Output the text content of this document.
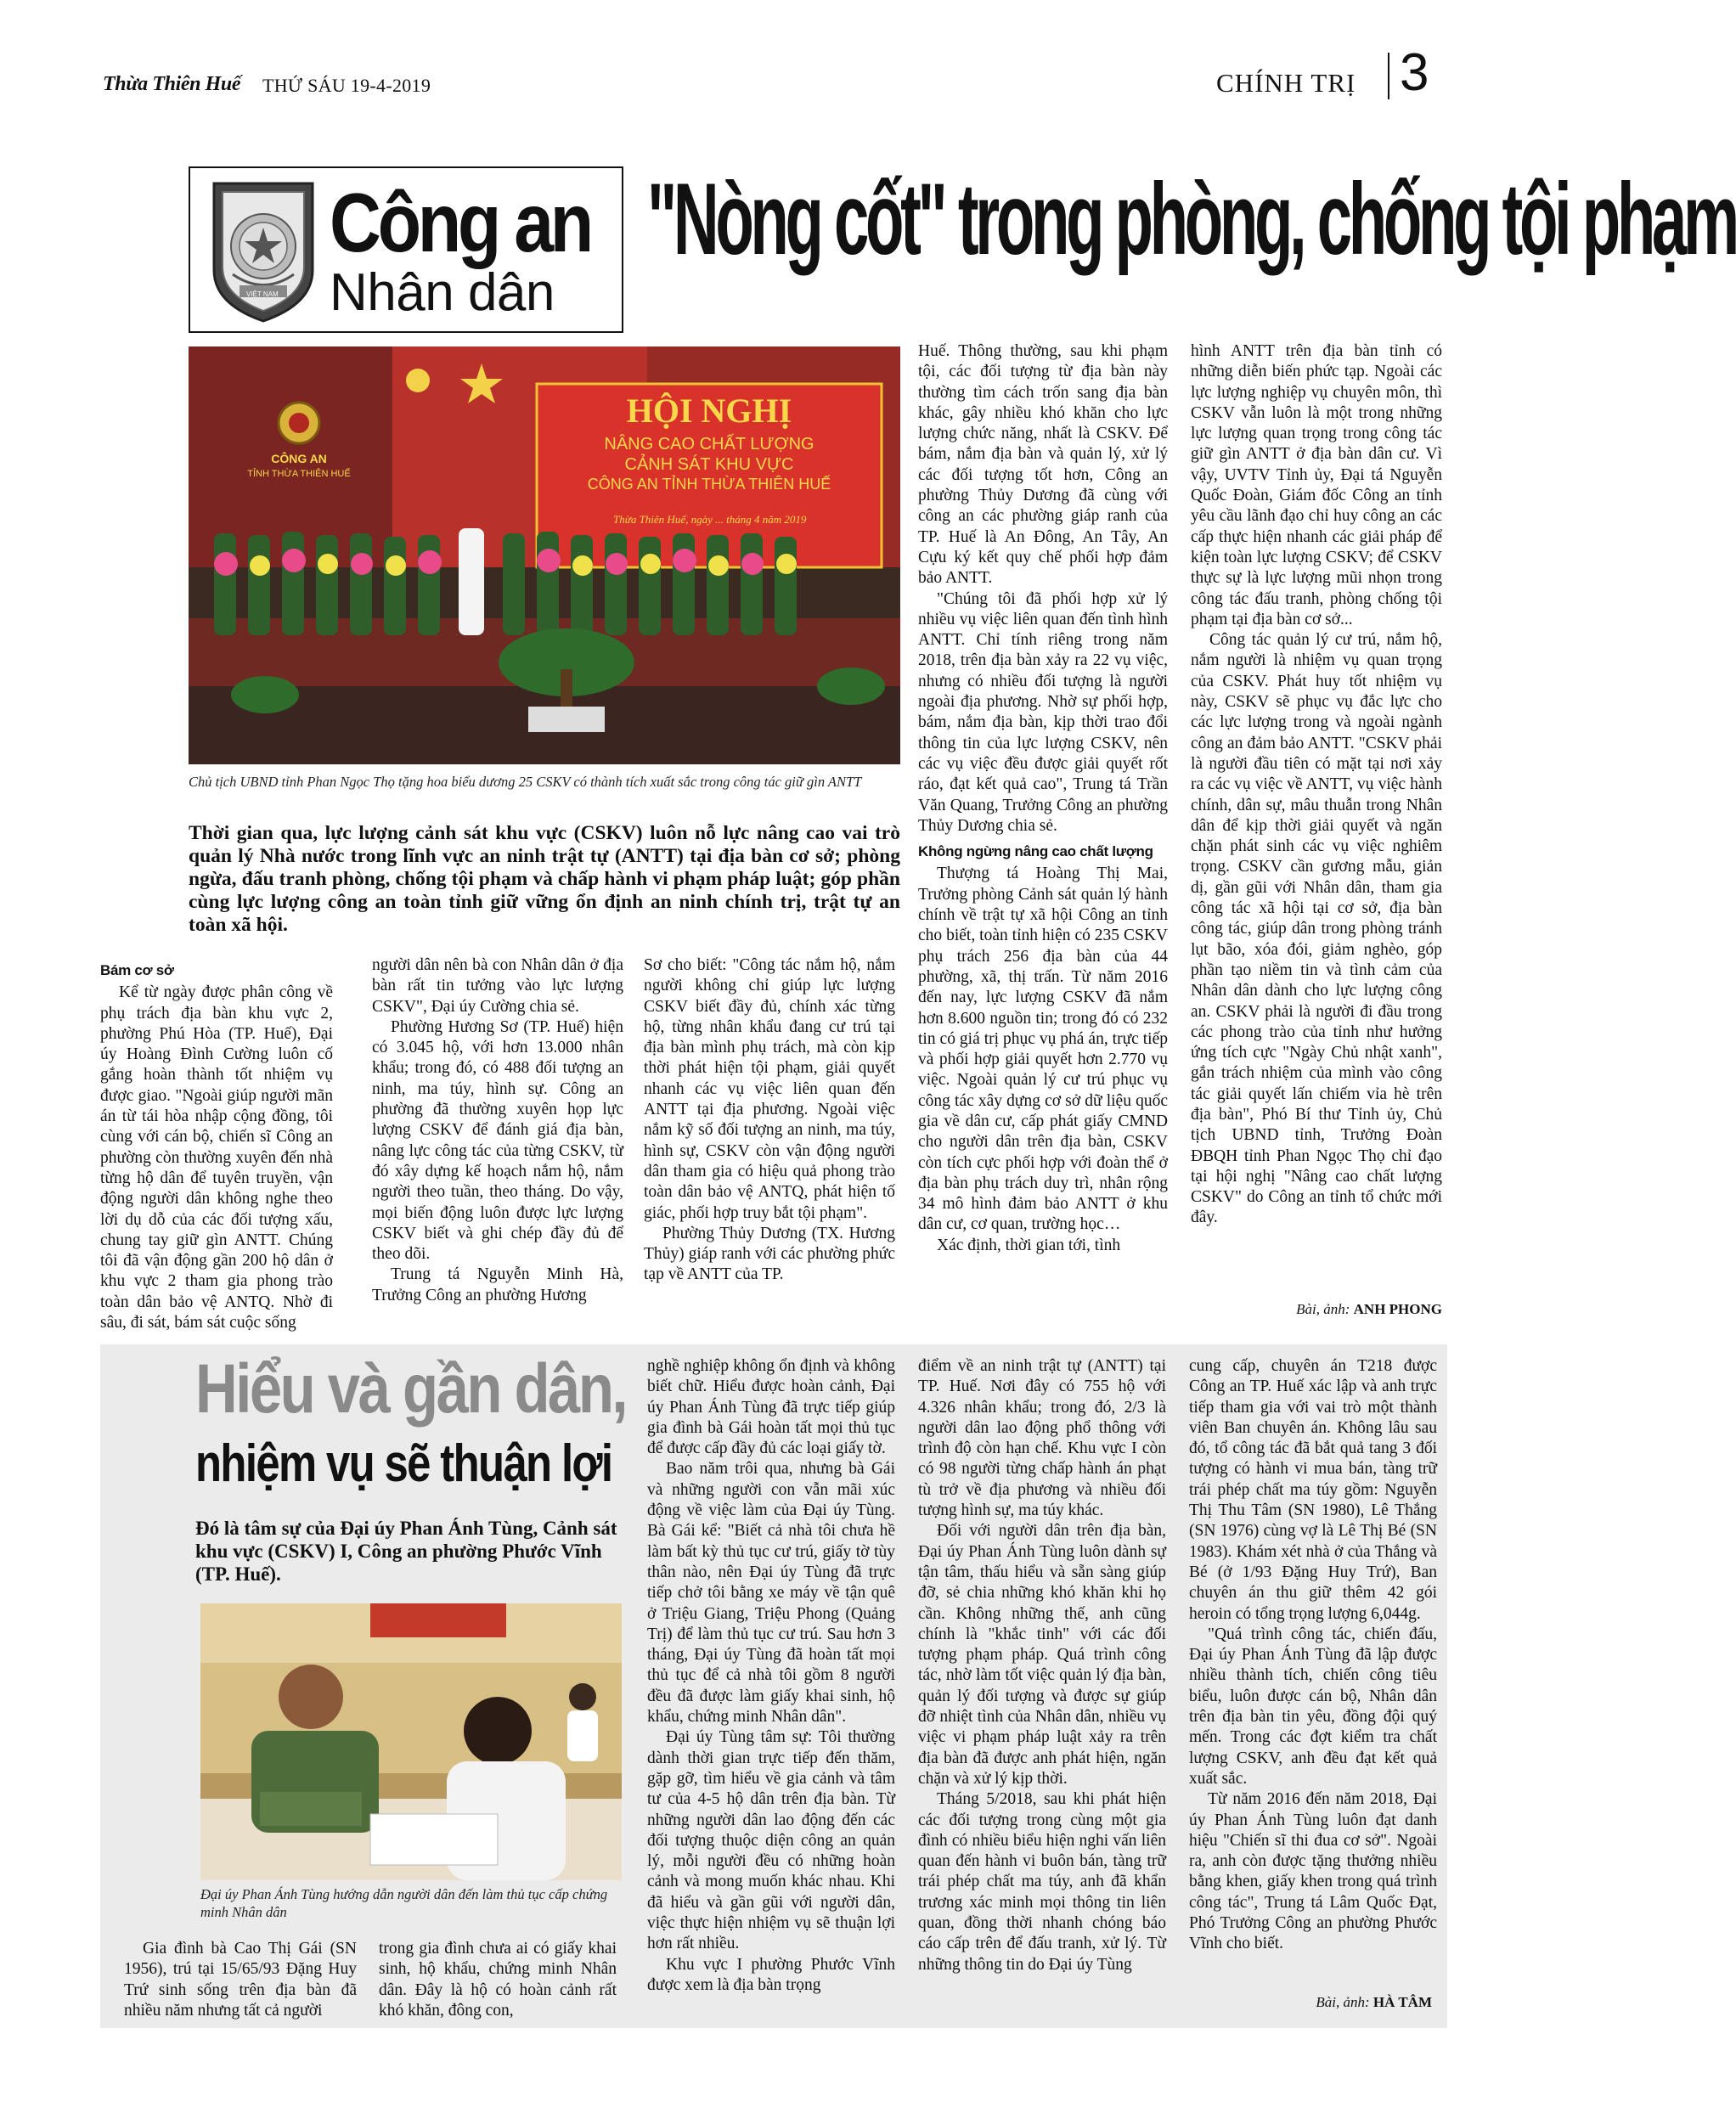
Thừa Thiên Huế THỨ SÁU 19-4-2019	CHÍNH TRỊ 3
VIỆT NAM
Công an
Nhân dân
"Nòng cốt" trong phòng, chống tội phạm
HỘI NGHỊ
NÂNG CAO CHẤT LƯỢNG
CẢNH SÁT KHU VỰC
CÔNG AN TỈNH THỪA THIÊN HUẾ
Thừa Thiên Huế, ngày ... tháng 4 năm 2019
CÔNG AN
TỈNH THỪA THIÊN HUẾ
Chủ tịch UBND tỉnh Phan Ngọc Thọ tặng hoa biểu dương 25 CSKV có thành tích xuất sắc trong công tác giữ gìn ANTT
Thời gian qua, lực lượng cảnh sát khu vực (CSKV) luôn nỗ lực nâng cao vai trò quản lý Nhà nước trong lĩnh vực an ninh trật tự (ANTT) tại địa bàn cơ sở; phòng ngừa, đấu tranh phòng, chống tội phạm và chấp hành vi phạm pháp luật; góp phần cùng lực lượng công an toàn tỉnh giữ vững ổn định an ninh chính trị, trật tự an toàn xã hội.
Bám cơ sở

Kể từ ngày được phân công về phụ trách địa bàn khu vực 2, phường Phú Hòa (TP. Huế), Đại úy Hoàng Đình Cường luôn cố gắng hoàn thành tốt nhiệm vụ được giao. "Ngoài giúp người mãn án từ tái hòa nhập cộng đồng, tôi cùng với cán bộ, chiến sĩ Công an phường còn thường xuyên đến nhà từng hộ dân để tuyên truyền, vận động người dân không nghe theo lời dụ dỗ của các đối tượng xấu, chung tay giữ gìn ANTT. Chúng tôi đã vận động gần 200 hộ dân ở khu vực 2 tham gia phong trào toàn dân bảo vệ ANTQ. Nhờ đi sâu, đi sát, bám sát cuộc sống

người dân nên bà con Nhân dân ở địa bàn rất tin tưởng vào lực lượng CSKV", Đại úy Cường chia sẻ.

Phường Hương Sơ (TP. Huế) hiện có 3.045 hộ, với hơn 13.000 nhân khẩu; trong đó, có 488 đối tượng an ninh, ma túy, hình sự. Công an phường đã thường xuyên họp lực lượng CSKV để đánh giá địa bàn, nâng lực công tác của từng CSKV, từ đó xây dựng kế hoạch nắm hộ, nắm người theo tuần, theo tháng. Do vậy, mọi biến động luôn được lực lượng CSKV biết và ghi chép đầy đủ để theo dõi.

Trung tá Nguyễn Minh Hà, Trưởng Công an phường Hương

Sơ cho biết: "Công tác nắm hộ, nắm người không chỉ giúp lực lượng CSKV biết đầy đủ, chính xác từng hộ, từng nhân khẩu đang cư trú tại địa bàn mình phụ trách, mà còn kịp thời phát hiện tội phạm, giải quyết nhanh các vụ việc liên quan đến ANTT tại địa phương. Ngoài việc nắm kỹ số đối tượng an ninh, ma túy, hình sự, CSKV còn vận động người dân tham gia có hiệu quả phong trào toàn dân bảo vệ ANTQ, phát hiện tố giác, phối hợp truy bắt tội phạm".

Phường Thủy Dương (TX. Hương Thủy) giáp ranh với các phường phức tạp về ANTT của TP.

Huế. Thông thường, sau khi phạm tội, các đối tượng từ địa bàn này thường tìm cách trốn sang địa bàn khác, gây nhiều khó khăn cho lực lượng chức năng, nhất là CSKV. Để bám, nắm địa bàn và quản lý, xử lý các đối tượng tốt hơn, Công an phường Thủy Dương đã cùng với công an các phường giáp ranh của TP. Huế là An Đông, An Tây, An Cựu ký kết quy chế phối hợp đảm bảo ANTT.

"Chúng tôi đã phối hợp xử lý nhiều vụ việc liên quan đến tình hình ANTT. Chỉ tính riêng trong năm 2018, trên địa bàn xảy ra 22 vụ việc, nhưng có nhiều đối tượng là người ngoài địa phương. Nhờ sự phối hợp, bám, nắm địa bàn, kịp thời trao đổi thông tin của lực lượng CSKV, nên các vụ việc đều được giải quyết rốt ráo, đạt kết quả cao", Trung tá Trần Văn Quang, Trưởng Công an phường Thủy Dương chia sẻ.

Không ngừng nâng cao chất lượng

Thượng tá Hoàng Thị Mai, Trưởng phòng Cảnh sát quản lý hành chính về trật tự xã hội Công an tỉnh cho biết, toàn tỉnh hiện có 235 CSKV phụ trách 256 địa bàn của 44 phường, xã, thị trấn. Từ năm 2016 đến nay, lực lượng CSKV đã nắm hơn 8.600 nguồn tin; trong đó có 232 tin có giá trị phục vụ phá án, trực tiếp và phối hợp giải quyết hơn 2.770 vụ việc. Ngoài quản lý cư trú phục vụ công tác xây dựng cơ sở dữ liệu quốc gia về dân cư, cấp phát giấy CMND cho người dân trên địa bàn, CSKV còn tích cực phối hợp với đoàn thể ở địa bàn phụ trách duy trì, nhân rộng 34 mô hình đảm bảo ANTT ở khu dân cư, cơ quan, trường học…

Xác định, thời gian tới, tình

hình ANTT trên địa bàn tỉnh có những diễn biến phức tạp. Ngoài các lực lượng nghiệp vụ chuyên môn, thì CSKV vẫn luôn là một trong những lực lượng quan trọng trong công tác giữ gìn ANTT ở địa bàn dân cư. Vì vậy, UVTV Tỉnh ủy, Đại tá Nguyễn Quốc Đoàn, Giám đốc Công an tỉnh yêu cầu lãnh đạo chỉ huy công an các cấp thực hiện nhanh các giải pháp để kiện toàn lực lượng CSKV; để CSKV thực sự là lực lượng mũi nhọn trong công tác đấu tranh, phòng chống tội phạm tại địa bàn cơ sở...

Công tác quản lý cư trú, nắm hộ, nắm người là nhiệm vụ quan trọng của CSKV. Phát huy tốt nhiệm vụ này, CSKV sẽ phục vụ đắc lực cho các lực lượng trong và ngoài ngành công an đảm bảo ANTT. "CSKV phải là người đầu tiên có mặt tại nơi xảy ra các vụ việc về ANTT, vụ việc hành chính, dân sự, mâu thuẫn trong Nhân dân để kịp thời giải quyết và ngăn chặn phát sinh các vụ việc nghiêm trọng. CSKV cần gương mẫu, giản dị, gần gũi với Nhân dân, tham gia công tác xã hội tại cơ sở, địa bàn công tác, giúp dân trong phòng tránh lụt bão, xóa đói, giảm nghèo, góp phần tạo niềm tin và tình cảm của Nhân dân dành cho lực lượng công an. CSKV phải là người đi đầu trong các phong trào của tỉnh như hưởng ứng tích cực "Ngày Chủ nhật xanh", gắn trách nhiệm của mình vào công tác giải quyết lấn chiếm vỉa hè trên địa bàn", Phó Bí thư Tỉnh ủy, Chủ tịch UBND tỉnh, Trưởng Đoàn ĐBQH tỉnh Phan Ngọc Thọ chỉ đạo tại hội nghị "Nâng cao chất lượng CSKV" do Công an tỉnh tổ chức mới đây.

Bài, ảnh: ANH PHONG
Hiểu và gần dân,
nhiệm vụ sẽ thuận lợi
Đó là tâm sự của Đại úy Phan Ánh Tùng, Cảnh sát khu vực (CSKV) I, Công an phường Phước Vĩnh (TP. Huế).
Đại úy Phan Ánh Tùng hướng dẫn người dân đến làm thủ tục cấp chứng minh Nhân dân

Gia đình bà Cao Thị Gái (SN 1956), trú tại 15/65/93 Đặng Huy Trứ sinh sống trên địa bàn đã nhiều năm nhưng tất cả người

trong gia đình chưa ai có giấy khai sinh, hộ khẩu, chứng minh Nhân dân. Đây là hộ có hoàn cảnh rất khó khăn, đông con,

nghề nghiệp không ổn định và không biết chữ. Hiểu được hoàn cảnh, Đại úy Phan Ánh Tùng đã trực tiếp giúp gia đình bà Gái hoàn tất mọi thủ tục để được cấp đầy đủ các loại giấy tờ.

Bao năm trôi qua, nhưng bà Gái và những người con vẫn mãi xúc động về việc làm của Đại úy Tùng. Bà Gái kể: "Biết cả nhà tôi chưa hề làm bất kỳ thủ tục cư trú, giấy tờ tùy thân nào, nên Đại úy Tùng đã trực tiếp chở tôi bằng xe máy về tận quê ở Triệu Giang, Triệu Phong (Quảng Trị) để làm thủ tục cư trú. Sau hơn 3 tháng, Đại úy Tùng đã hoàn tất mọi thủ tục để cả nhà tôi gồm 8 người đều đã được làm giấy khai sinh, hộ khẩu, chứng minh Nhân dân".

Đại úy Tùng tâm sự: Tôi thường dành thời gian trực tiếp đến thăm, gặp gỡ, tìm hiểu về gia cảnh và tâm tư của 4-5 hộ dân trên địa bàn. Từ những người dân lao động đến các đối tượng thuộc diện công an quản lý, mỗi người đều có những hoàn cảnh và mong muốn khác nhau. Khi đã hiểu và gần gũi với người dân, việc thực hiện nhiệm vụ sẽ thuận lợi hơn rất nhiều.

Khu vực I phường Phước Vĩnh được xem là địa bàn trọng

điểm về an ninh trật tự (ANTT) tại TP. Huế. Nơi đây có 755 hộ với 4.326 nhân khẩu; trong đó, 2/3 là người dân lao động phổ thông với trình độ còn hạn chế. Khu vực I còn có 98 người từng chấp hành án phạt tù trở về địa phương và nhiều đối tượng hình sự, ma túy khác.

Đối với người dân trên địa bàn, Đại úy Phan Ánh Tùng luôn dành sự tận tâm, thấu hiểu và sẵn sàng giúp đỡ, sẻ chia những khó khăn khi họ cần. Không những thế, anh cũng chính là "khắc tinh" với các đối tượng phạm pháp. Quá trình công tác, nhờ làm tốt việc quản lý địa bàn, quản lý đối tượng và được sự giúp đỡ nhiệt tình của Nhân dân, nhiều vụ việc vi phạm pháp luật xảy ra trên địa bàn đã được anh phát hiện, ngăn chặn và xử lý kịp thời.

Tháng 5/2018, sau khi phát hiện các đối tượng trong cùng một gia đình có nhiều biểu hiện nghi vấn liên quan đến hành vi buôn bán, tàng trữ trái phép chất ma túy, anh đã khẩn trương xác minh mọi thông tin liên quan, đồng thời nhanh chóng báo cáo cấp trên để đấu tranh, xử lý. Từ những thông tin do Đại úy Tùng

cung cấp, chuyên án T218 được Công an TP. Huế xác lập và anh trực tiếp tham gia với vai trò một thành viên Ban chuyên án. Không lâu sau đó, tổ công tác đã bắt quả tang 3 đối tượng có hành vi mua bán, tàng trữ trái phép chất ma túy gồm: Nguyễn Thị Thu Tâm (SN 1980), Lê Thắng (SN 1976) cùng vợ là Lê Thị Bé (SN 1983). Khám xét nhà ở của Thắng và Bé (ở 1/93 Đặng Huy Trứ), Ban chuyên án thu giữ thêm 42 gói heroin có tổng trọng lượng 6,044g.

"Quá trình công tác, chiến đấu, Đại úy Phan Ánh Tùng đã lập được nhiều thành tích, chiến công tiêu biểu, luôn được cán bộ, Nhân dân trên địa bàn tin yêu, đồng đội quý mến. Trong các đợt kiểm tra chất lượng CSKV, anh đều đạt kết quả xuất sắc.

Từ năm 2016 đến năm 2018, Đại úy Phan Ánh Tùng luôn đạt danh hiệu "Chiến sĩ thi đua cơ sở". Ngoài ra, anh còn được tặng thưởng nhiều bằng khen, giấy khen trong quá trình công tác", Trung tá Lâm Quốc Đạt, Phó Trưởng Công an phường Phước Vĩnh cho biết.

Bài, ảnh: HÀ TÂM
